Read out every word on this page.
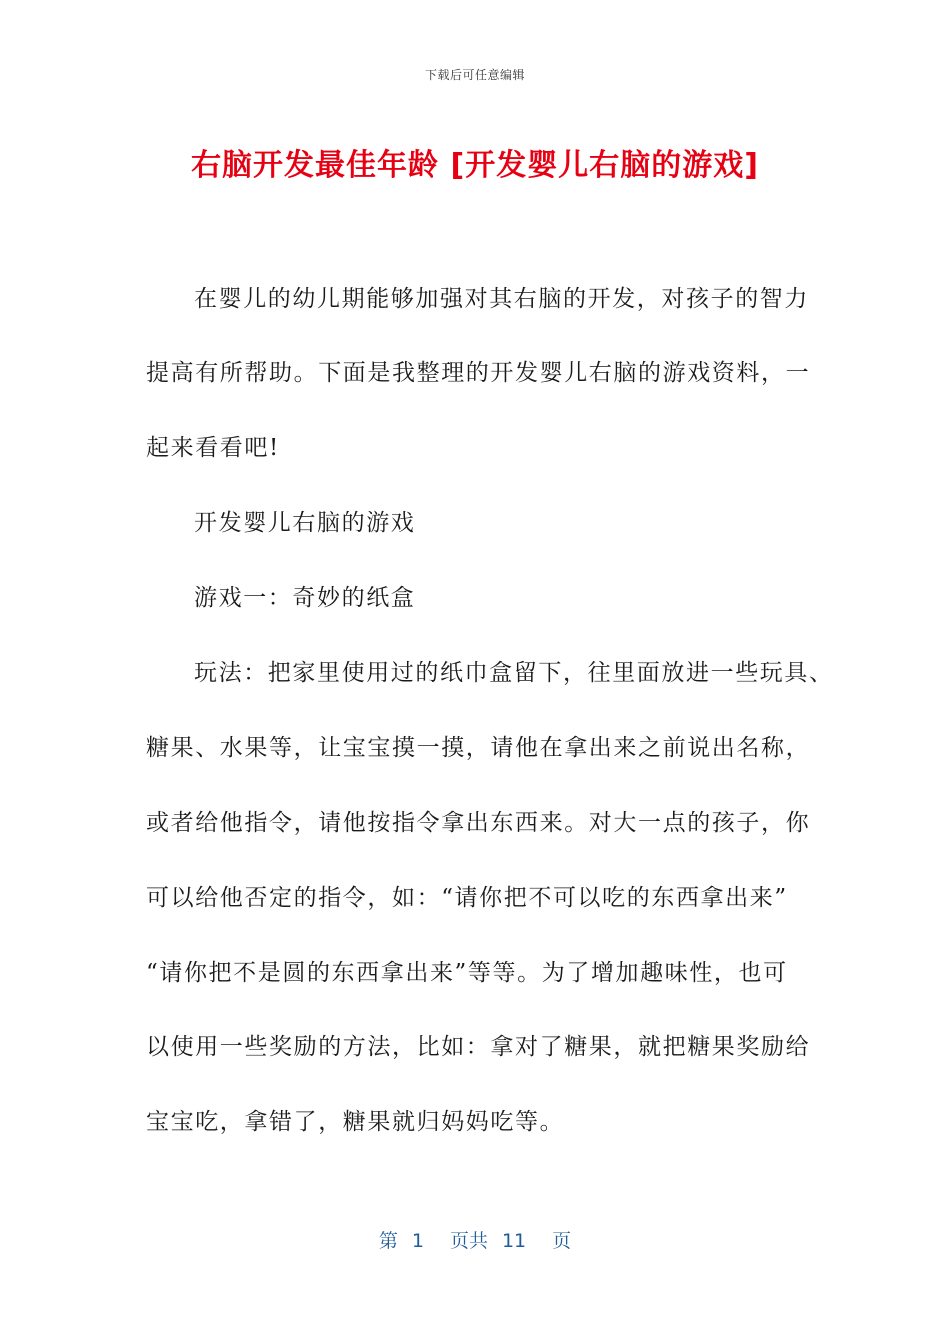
下载后可任意编辑
右脑开发最佳年龄 [开发婴儿右脑的游戏]
在婴儿的幼儿期能够加强对其右脑的开发，对孩子的智力
提高有所帮助。下面是我整理的开发婴儿右脑的游戏资料，一
起来看看吧!
开发婴儿右脑的游戏
游戏一：奇妙的纸盒
玩法：把家里使用过的纸巾盒留下，往里面放进一些玩具、
糖果、水果等，让宝宝摸一摸，请他在拿出来之前说出名称，
或者给他指令，请他按指令拿出东西来。对大一点的孩子，你
可以给他否定的指令，如：“请你把不可以吃的东西拿出来”
“请你把不是圆的东西拿出来”等等。为了增加趣味性，也可
以使用一些奖励的方法，比如：拿对了糖果，就把糖果奖励给
宝宝吃，拿错了，糖果就归妈妈吃等。
第 1 页共 11 页
